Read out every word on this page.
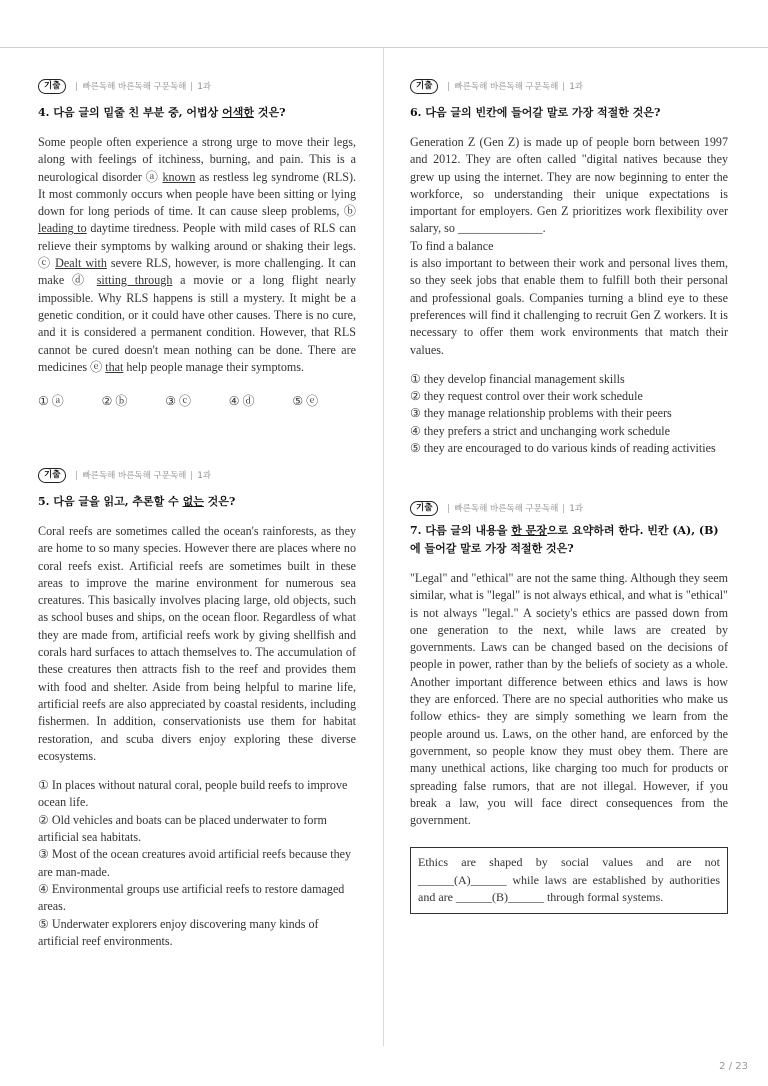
기출	빠른독해 바른독해 구문독해 1과
4. 다음 글의 밑줄 친 부분 중, 어법상 어색한 것은?
Some people often experience a strong urge to move their legs, along with feelings of itchiness, burning, and pain. This is a neurological disorder ⓐ known as restless leg syndrome (RLS). It most commonly occurs when people have been sitting or lying down for long periods of time. It can cause sleep problems, ⓑ leading to daytime tiredness. People with mild cases of RLS can relieve their symptoms by walking around or shaking their legs. ⓒ Dealt with severe RLS, however, is more challenging. It can make ⓓ sitting through a movie or a long flight nearly impossible. Why RLS happens is still a mystery. It might be a genetic condition, or it could have other causes. There is no cure, and it is considered a permanent condition. However, that RLS cannot be cured doesn't mean nothing can be done. There are medicines ⓔ that help people manage their symptoms.
① ⓐ	② ⓑ	③ ⓒ	④ ⓓ	⑤ ⓔ
기출	빠른독해 바른독해 구문독해 1과
5. 다음 글을 읽고, 추론할 수 없는 것은?
Coral reefs are sometimes called the ocean's rainforests, as they are home to so many species. However there are places where no coral reefs exist. Artificial reefs are sometimes built in these areas to improve the marine environment for numerous sea creatures. This basically involves placing large, old objects, such as school buses and ships, on the ocean floor. Regardless of what they are made from, artificial reefs work by giving shellfish and corals hard surfaces to attach themselves to. The accumulation of these creatures then attracts fish to the reef and provides them with food and shelter. Aside from being helpful to marine life, artificial reefs are also appreciated by coastal residents, including fishermen. In addition, conservationists use them for habitat restoration, and scuba divers enjoy exploring these diverse ecosystems.
① In places without natural coral, people build reefs to improve ocean life.
② Old vehicles and boats can be placed underwater to form artificial sea habitats.
③ Most of the ocean creatures avoid artificial reefs because they are man-made.
④ Environmental groups use artificial reefs to restore damaged areas.
⑤ Underwater explorers enjoy discovering many kinds of artificial reef environments.
기출	빠른독해 바른독해 구문독해 1과
6. 다음 글의 빈칸에 들어갈 말로 가장 적절한 것은?
Generation Z (Gen Z) is made up of people born between 1997 and 2012. They are often called "digital natives because they grew up using the internet. They are now beginning to enter the workforce, so understanding their unique expectations is important for employers. Gen Z prioritizes work flexibility over salary, so ______________.
To find a balance
is also important to between their work and personal lives them, so they seek jobs that enable them to fulfill both their personal and professional goals. Companies turning a blind eye to these preferences will find it challenging to recruit Gen Z workers. It is necessary to offer them work environments that match their values.
① they develop financial management skills
② they request control over their work schedule
③ they manage relationship problems with their peers
④ they prefers a strict and unchanging work schedule
⑤ they are encouraged to do various kinds of reading activities
기출	빠른독해 바른독해 구문독해 1과
7. 다름 글의 내용을 한 문장으로 요약하려 한다. 빈칸 (A), (B) 에 들어갈 말로 가장 적절한 것은?
"Legal" and "ethical" are not the same thing. Although they seem similar, what is "legal" is not always ethical, and what is "ethical" is not always "legal." A society's ethics are passed down from one generation to the next, while laws are created by governments. Laws can be changed based on the decisions of people in power, rather than by the beliefs of society as a whole. Another important difference between ethics and laws is how they are enforced. There are no special authorities who make us follow ethics- they are simply something we learn from the people around us. Laws, on the other hand, are enforced by the government, so people know they must obey them. There are many unethical actions, like charging too much for products or spreading false rumors, that are not illegal. However, if you break a law, you will face direct consequences from the government.
Ethics are shaped by social values and are not ______(A)______ while laws are established by authorities and are ______(B)______ through formal systems.
2 / 23
